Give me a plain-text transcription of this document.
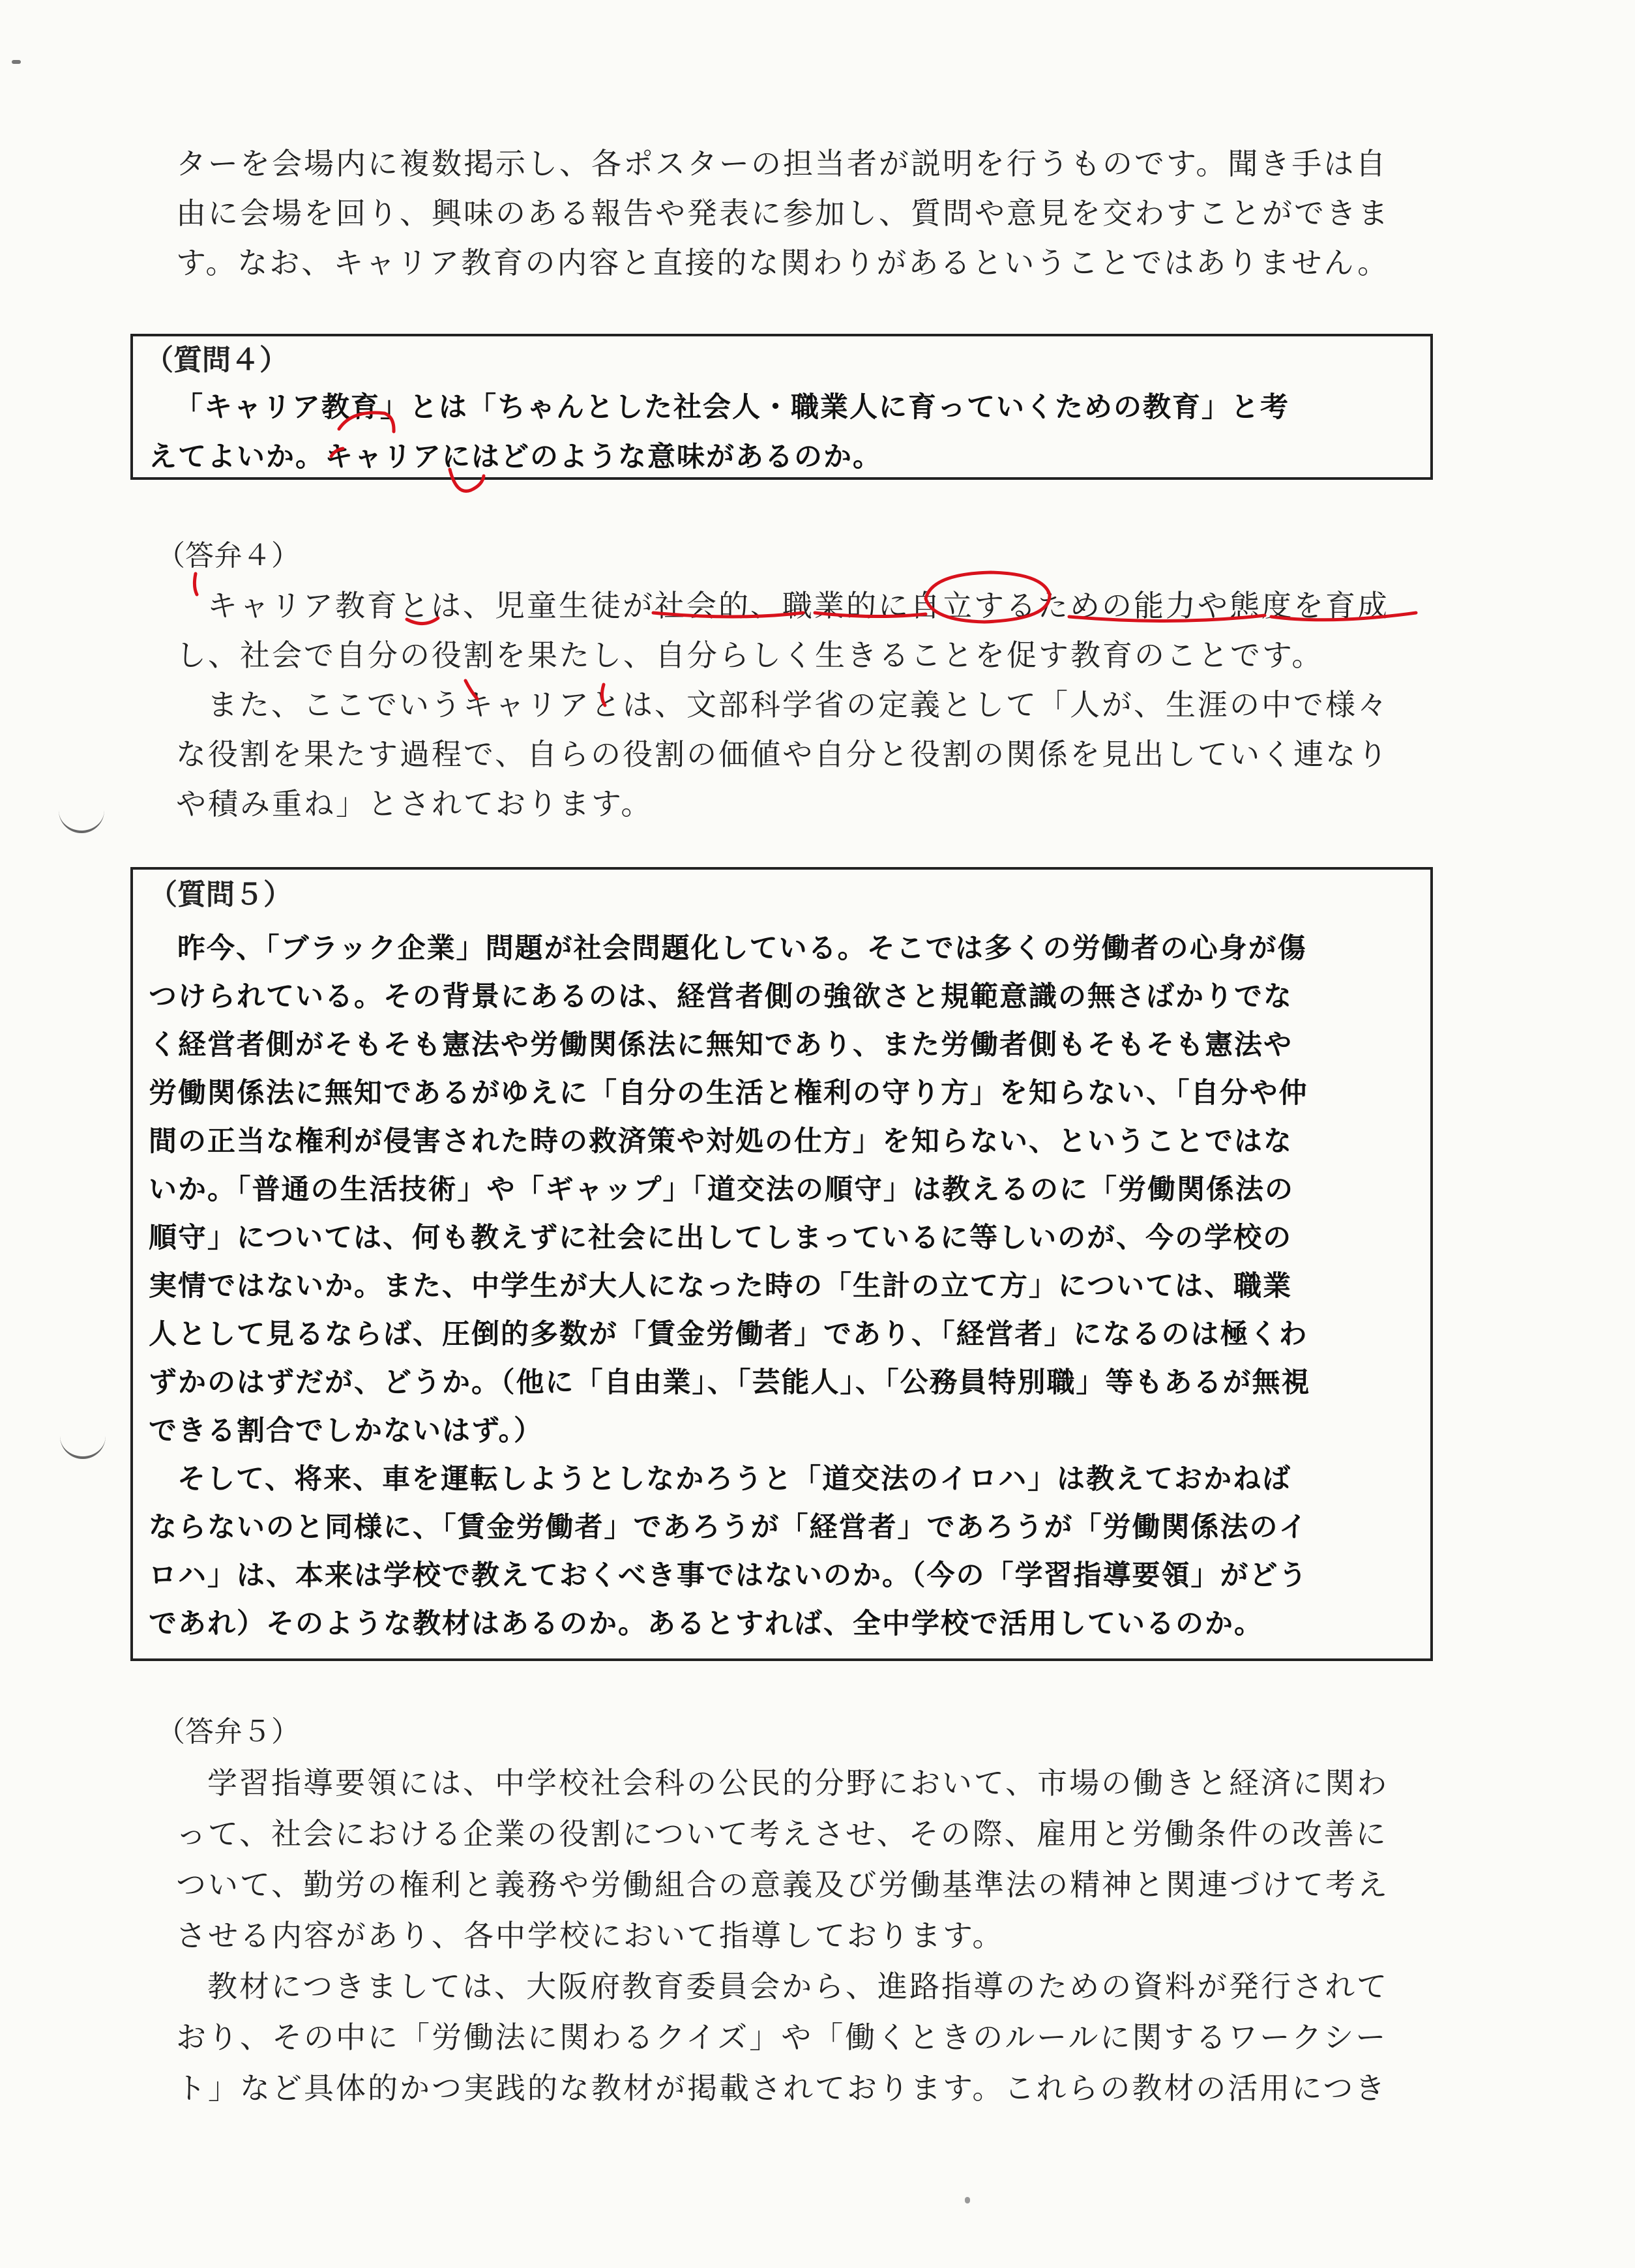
ターを会場内に複数掲示し、各ポスターの担当者が説明を行うものです。聞き手は自
由に会場を回り、興味のある報告や発表に参加し、質問や意見を交わすことができま
す。なお、キャリア教育の内容と直接的な関わりがあるということではありません。
（質問４）
「キャリア教育」とは「ちゃんとした社会人・職業人に育っていくための教育」と考
えてよいか。キャリアにはどのような意味があるのか。
（答弁４）
キャリア教育とは、児童生徒が社会的、職業的に自立するための能力や態度を育成
し、社会で自分の役割を果たし、自分らしく生きることを促す教育のことです。
また、ここでいうキャリアとは、文部科学省の定義として「人が、生涯の中で様々
な役割を果たす過程で、自らの役割の価値や自分と役割の関係を見出していく連なり
や積み重ね」とされております。
（質問５）
昨今、「ブラック企業」問題が社会問題化している。そこでは多くの労働者の心身が傷
つけられている。その背景にあるのは、経営者側の強欲さと規範意識の無さばかりでな
く経営者側がそもそも憲法や労働関係法に無知であり、また労働者側もそもそも憲法や
労働関係法に無知であるがゆえに「自分の生活と権利の守り方」を知らない、「自分や仲
間の正当な権利が侵害された時の救済策や対処の仕方」を知らない、ということではな
いか。「普通の生活技術」や「ギャップ」「道交法の順守」は教えるのに「労働関係法の
順守」については、何も教えずに社会に出してしまっているに等しいのが、今の学校の
実情ではないか。また、中学生が大人になった時の「生計の立て方」については、職業
人として見るならば、圧倒的多数が「賃金労働者」であり、「経営者」になるのは極くわ
ずかのはずだが、どうか。（他に「自由業」、「芸能人」、「公務員特別職」等もあるが無視
できる割合でしかないはず。）
そして、将来、車を運転しようとしなかろうと「道交法のイロハ」は教えておかねば
ならないのと同様に、「賃金労働者」であろうが「経営者」であろうが「労働関係法のイ
ロハ」は、本来は学校で教えておくべき事ではないのか。（今の「学習指導要領」がどう
であれ）そのような教材はあるのか。あるとすれば、全中学校で活用しているのか。
（答弁５）
学習指導要領には、中学校社会科の公民的分野において、市場の働きと経済に関わ
って、社会における企業の役割について考えさせ、その際、雇用と労働条件の改善に
ついて、勤労の権利と義務や労働組合の意義及び労働基準法の精神と関連づけて考え
させる内容があり、各中学校において指導しております。
教材につきましては、大阪府教育委員会から、進路指導のための資料が発行されて
おり、その中に「労働法に関わるクイズ」や「働くときのルールに関するワークシー
ト」など具体的かつ実践的な教材が掲載されております。これらの教材の活用につき
